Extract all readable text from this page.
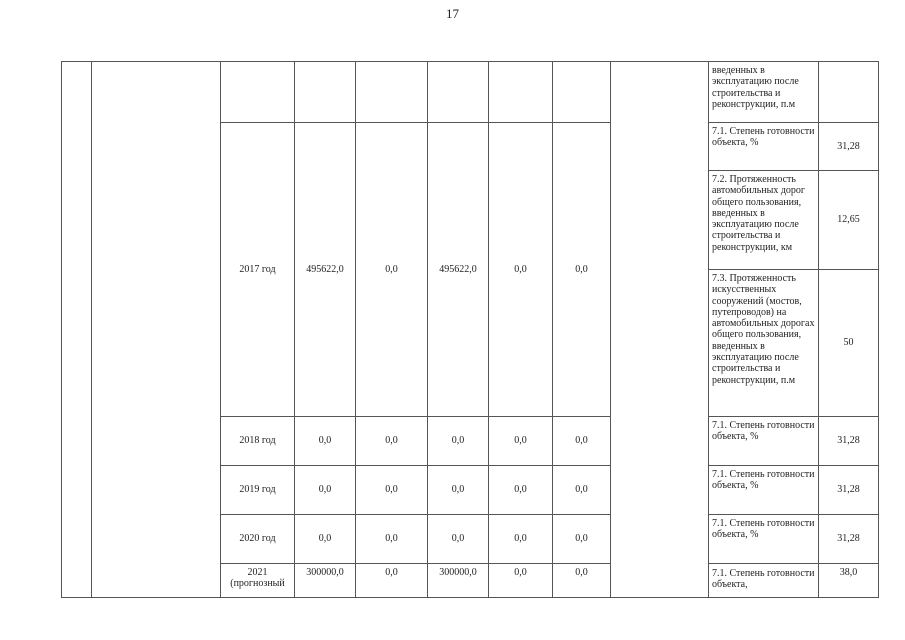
17
									введенных в эксплуатацию после строительства и реконструкции, п.м	
		2017 год	495622,0	0,0	495622,0	0,0	0,0		7.1. Степень готовности объекта, %	31,28
									7.2. Протяженность автомобильных дорог общего пользования, введенных в эксплуатацию после строительства и реконструкции, км	12,65
									7.3. Протяженность искусственных сооружений (мостов, путепроводов) на автомобильных дорогах общего пользования, введенных в эксплуатацию после строительства и реконструкции, п.м	50
		2018 год	0,0	0,0	0,0	0,0	0,0		7.1. Степень готовности объекта, %	31,28
		2019 год	0,0	0,0	0,0	0,0	0,0		7.1. Степень готовности объекта, %	31,28
		2020 год	0,0	0,0	0,0	0,0	0,0		7.1. Степень готовности объекта, %	31,28
		2021 (прогнозный	300000,0	0,0	300000,0	0,0	0,0		7.1. Степень готовности объекта,	38,0
